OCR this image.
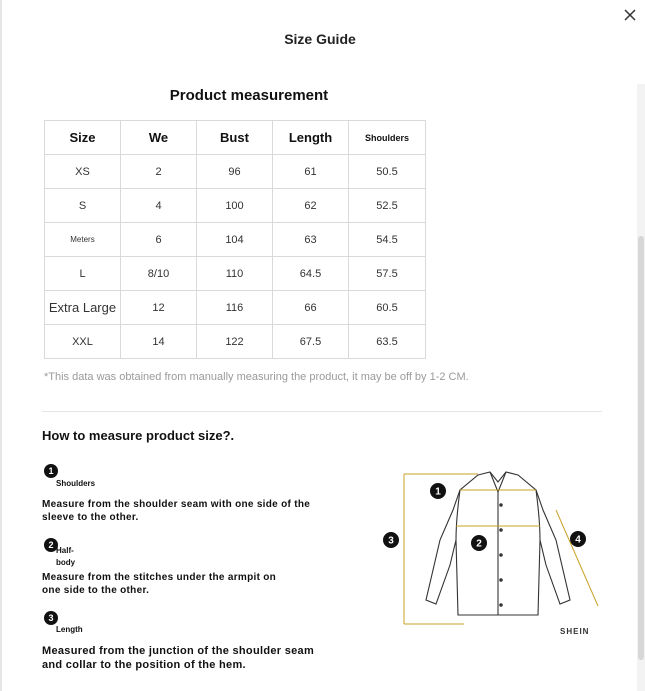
Size Guide
Product measurement
Size	We	Bust	Length	Shoulders
XS	2	96	61	50.5
S	4	100	62	52.5
Meters	6	104	63	54.5
L	8/10	110	64.5	57.5
Extra Large	12	116	66	60.5
XXL	14	122	67.5	63.5
*This data was obtained from manually measuring the product, it may be off by 1-2 CM.
How to measure product size?.
1
Shoulders
Measure from the shoulder seam with one side of the
sleeve to the other.
2
Half-
body
Measure from the stitches under the armpit on
one side to the other.
3
Length
Measured from the junction of the shoulder seam
and collar to the position of the hem.
1
2
3	4
SHEIN
